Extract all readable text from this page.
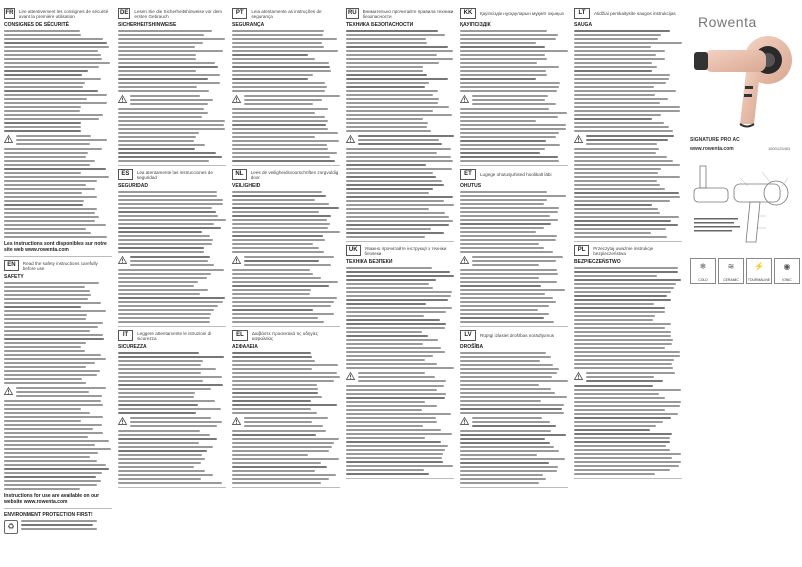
FR	Lire attentivement les consignes de sécurité avant la première utilisation
CONSIGNES DE SÉCURITÉ
Les instructions sont disponibles sur notre site web www.rowenta.com
EN	Read the safety instructions carefully before use
SAFETY
Instructions for use are available on our website www.rowenta.com
ENVIRONMENT PROTECTION FIRST!
♻
DE	Lesen Sie die Sicherheitshinweise vor dem ersten Gebrauch
SICHERHEITSHINWEISE
ES	Lea atentamente las instrucciones de seguridad
SEGURIDAD
IT	Leggere attentamente le istruzioni di sicurezza
SICUREZZA
PT	Leia atentamente as instruções de segurança
SEGURANÇA
NL	Lees de veiligheidsvoorschriften zorgvuldig door
VEILIGHEID
EL	Διαβάστε προσεκτικά τις οδηγίες ασφαλείας
ΑΣΦΑΛΕΙΑ
RU	Внимательно прочитайте правила техники безопасности
ТЕХНИКА БЕЗОПАСНОСТИ
UK	Уважно прочитайте інструкції з техніки безпеки
ТЕХНІКА БЕЗПЕКИ
KK	Қауіпсіздік нұсқауларын мұқият оқыңыз
ҚАУІПСІЗДІК
ET	Lugege ohutusjuhised hoolikalt läbi
OHUTUS
LV	Rūpīgi izlasiet drošības norādījumus
DROŠĪBA
LT	Atidžiai perskaitykite saugos instrukcijas
SAUGA
PL	Przeczytaj uważnie instrukcje bezpieczeństwa
BEZPIECZEŃSTWO
Rowenta
SIGNATURE PRO AC
www.rowenta.com	1800125463
❄
COLD
≋
CERAMIC
⚡
TOURMALINE
◉
IONIC
